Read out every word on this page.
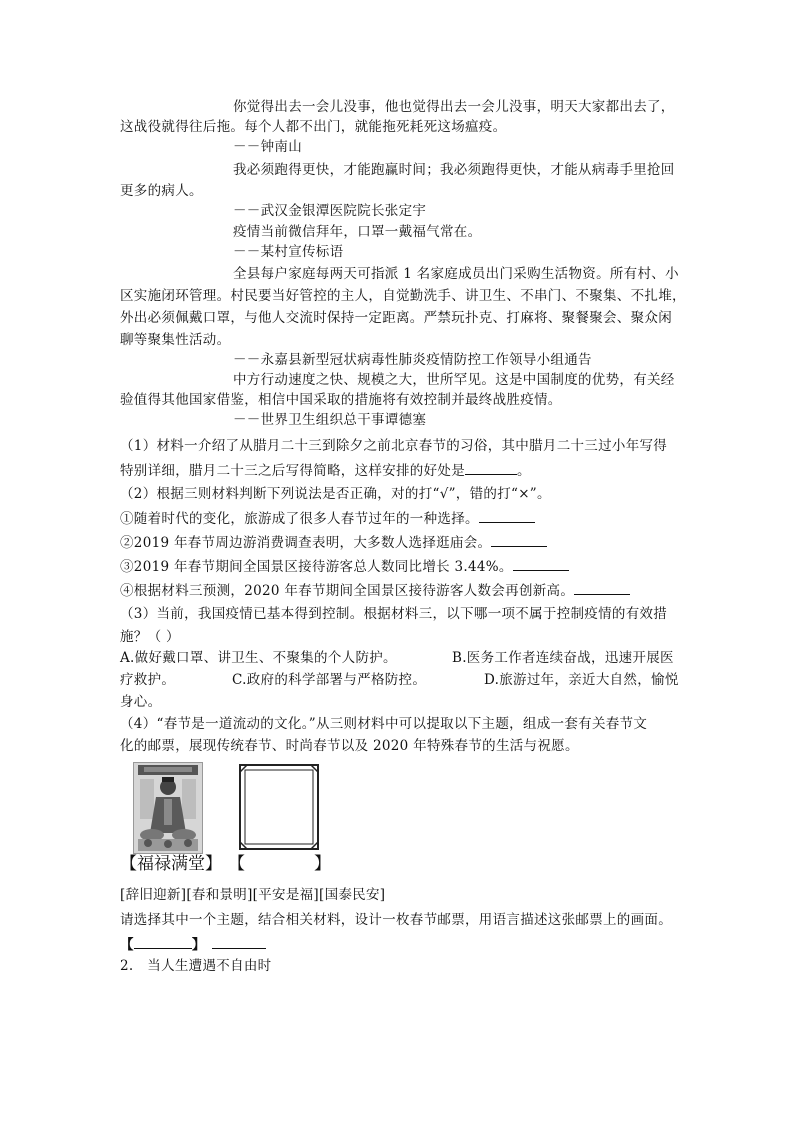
你觉得出去一会儿没事，他也觉得出去一会儿没事，明天大家都出去了，
这战役就得往后拖。每个人都不出门，就能拖死耗死这场瘟疫。
－－钟南山
我必须跑得更快，才能跑赢时间；我必须跑得更快，才能从病毒手里抢回
更多的病人。
－－武汉金银潭医院院长张定宇
疫情当前微信拜年，口罩一戴福气常在。
－－某村宣传标语
全县每户家庭每两天可指派 1 名家庭成员出门采购生活物资。所有村、小
区实施闭环管理。村民要当好管控的主人，自觉勤洗手、讲卫生、不串门、不聚集、不扎堆，
外出必须佩戴口罩，与他人交流时保持一定距离。严禁玩扑克、打麻将、聚餐聚会、聚众闲
聊等聚集性活动。
－－永嘉县新型冠状病毒性肺炎疫情防控工作领导小组通告
中方行动速度之快、规模之大，世所罕见。这是中国制度的优势，有关经
验值得其他国家借鉴，相信中国采取的措施将有效控制并最终战胜疫情。
－－世界卫生组织总干事谭德塞
（1）材料一介绍了从腊月二十三到除夕之前北京春节的习俗，其中腊月二十三过小年写得
特别详细，腊月二十三之后写得简略，这样安排的好处是	。
（2）根据三则材料判断下列说法是否正确，对的打“√”，错的打“×”。
①随着时代的变化，旅游成了很多人春节过年的一种选择。
②2019 年春节周边游消费调查表明，大多数人选择逛庙会。
③2019 年春节期间全国景区接待游客总人数同比增长 3.44%。
④根据材料三预测，2020 年春节期间全国景区接待游客人数会再创新高。
（3）当前，我国疫情已基本得到控制。根据材料三，以下哪一项不属于控制疫情的有效措
施？（ ）
A.做好戴口罩、讲卫生、不聚集的个人防护。	B.医务工作者连续奋战，迅速开展医
疗救护。	C.政府的科学部署与严格防控。	D.旅游过年，亲近大自然，愉悦
身心。
（4）“春节是一道流动的文化。”从三则材料中可以提取以下主题，组成一套有关春节文
化的邮票，展现传统春节、时尚春节以及 2020 年特殊春节的生活与祝愿。
【福禄满堂】 【	】
[辞旧迎新][春和景明][平安是福][国泰民安]
请选择其中一个主题，结合相关材料，设计一枚春节邮票，用语言描述这张邮票上的画面。
【	】
2.　当人生遭遇不自由时
